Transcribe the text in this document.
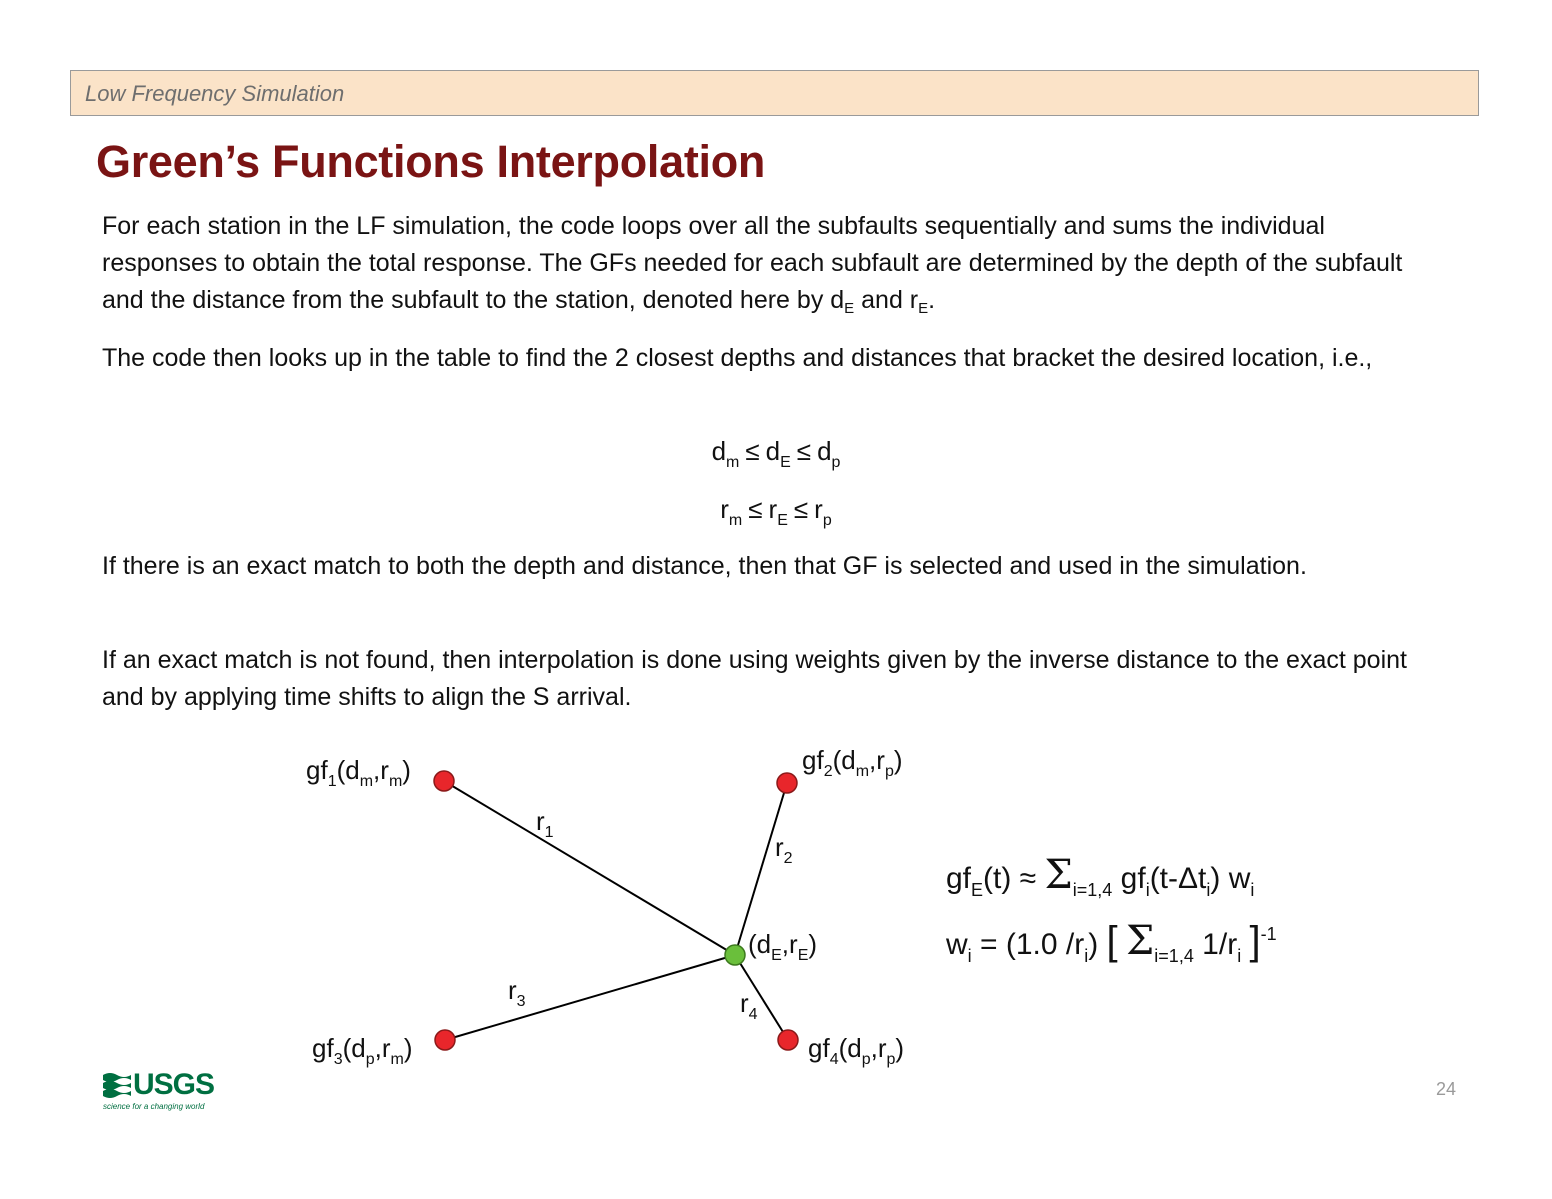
Low Frequency Simulation
Green’s Functions Interpolation

For each station in the LF simulation, the code loops over all the subfaults sequentially and sums the individual responses to obtain the total response. The GFs needed for each subfault are determined by the depth of the subfault and the distance from the subfault to the station, denoted here by $d_E$ and $r_E$.

The code then looks up in the table to find the 2 closest depths and distances that bracket the desired location, i.e.,

$d_m \le d_E \le d_p$
$r_m \le r_E \le r_p$

If there is an exact match to both the depth and distance, then that GF is selected and used in the simulation.

If an exact match is not found, then interpolation is done using weights given by the inverse distance to the exact point and by applying time shifts to align the S arrival.

$gf_1(d_m,r_m)$	$gf_2(d_m,r_p)$
$gf_3(d_p,r_m)$	$gf_4(d_p,r_p)$
$(d_E,r_E)$
$r_1$	$r_2$
$r_3$	$r_4$
$gf_E(t) \approx \Sigma_{i=1,4}$ $gf_i(t-\Delta t_i)$ $w_i$
$w_i = (1.0$ $/r_i$) [ $\Sigma_{i=1,4}$ $1/r_i$ ]$^{-1}$
USGS
science for a changing world
24
